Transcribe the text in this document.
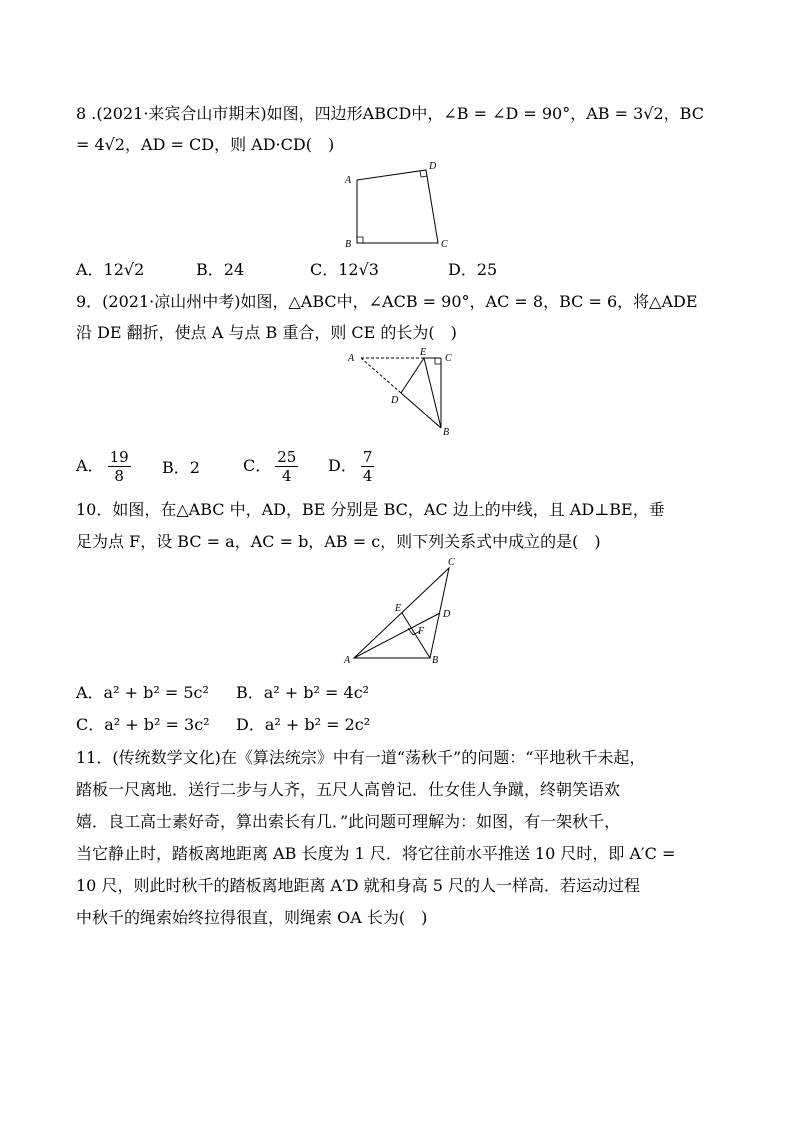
8 .(2021·来宾合山市期末)如图，四边形ABCD中，∠B = ∠D = 90°，AB = 3√2，BC
= 4√2，AD = CD，则 AD·CD(　)
A
D
B	C
A．12√2	B．24	C．12√3	D．25
9．(2021·凉山州中考)如图，△ABC中，∠ACB = 90°，AC = 8，BC = 6，将△ADE
沿 DE 翻折，使点 A 与点 B 重合，则 CE 的长为(　)
A
E
C
D
B
A． $\frac{19}{8}$ B．2	C． $\frac{25}{4}$ D． $\frac{7}{4}$
10．如图，在△ABC 中，AD，BE 分别是 BC，AC 边上的中线，且 AD⊥BE，垂
足为点 F，设 BC = a，AC = b，AB = c，则下列关系式中成立的是(　)
C
E
D
F
A	B
A．a² + b² = 5c² B．a² + b² = 4c²
C．a² + b² = 3c² D．a² + b² = 2c²
11．(传统数学文化)在《算法统宗》中有一道“荡秋千”的问题：“平地秋千未起，
踏板一尺离地．送行二步与人齐，五尺人高曾记．仕女佳人争蹴，终朝笑语欢
嬉．良工高士素好奇，算出索长有几．”此问题可理解为：如图，有一架秋千，
当它静止时，踏板离地距离 AB 长度为 1 尺．将它往前水平推送 10 尺时，即 A′C =
10 尺，则此时秋千的踏板离地距离 A′D 就和身高 5 尺的人一样高．若运动过程
中秋千的绳索始终拉得很直，则绳索 OA 长为(　)
